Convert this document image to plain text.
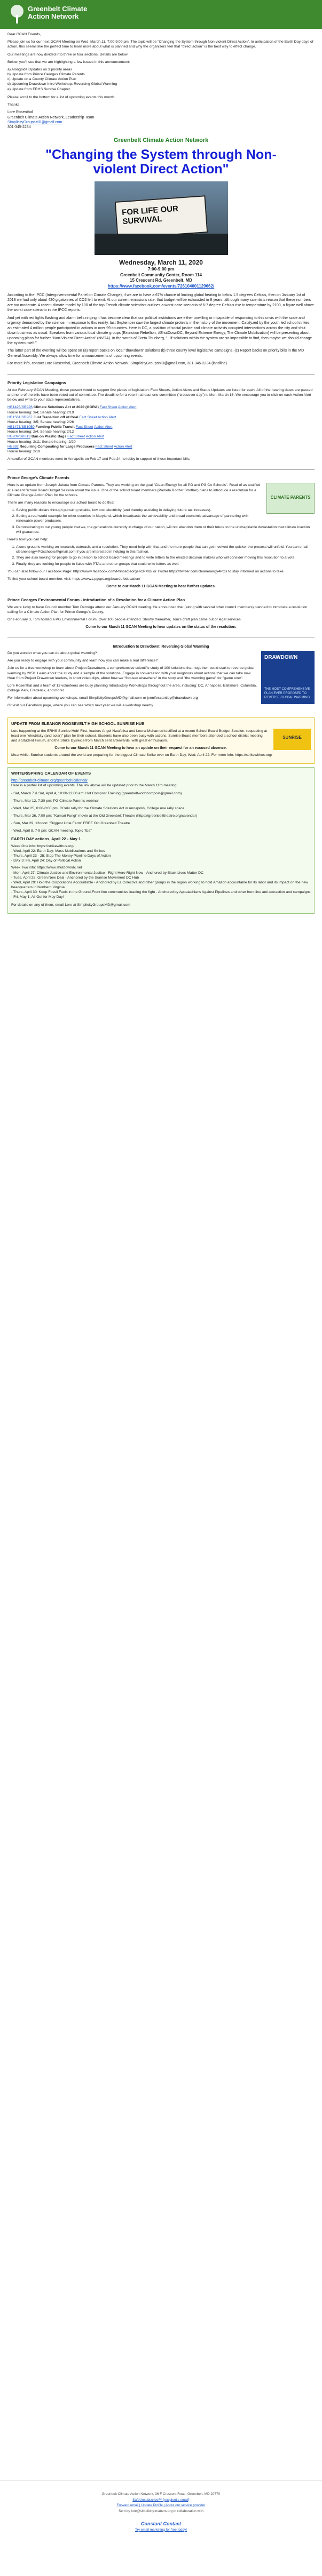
Greenbelt Climate Action Network

Dear GCAN Friends,

Please join us for our next GCAN Meeting on Wed, March 11, 7:00-9:00 pm. The topic will be "Changing the System through Non-violent Direct Action". In anticipation of the Earth Day days of action, this seems like the perfect time to learn more about what is planned and why the organizers feel that "direct action" is the best way to effect change.

Our meetings are now divided into three or four sections. Details are below.

Below, you'll see that we are highlighting a few issues in this announcement:

a) Alongside Updates on 3 priority areas
b) Update from Prince Georges Climate Parents
c) Update on a County Climate Action Plan
d) Upcoming Drawdown Intro Workshop: Reversing Global Warming
e) Update from ERHS Sunrise Chapter

Please scroll to the bottom for a list of upcoming events this month.

Thanks,

Lore Rosenthal
Greenbelt Climate Action Network, Leadership Team
SimplicityGroupsMD@gmail.com
301-345-2234
Greenbelt Climate Action Network
"Changing the System through Non-violent Direct Action"
FOR LIFE OUR SURVIVAL
Wednesday, March 11, 2020
7:00-9:00 pm
Greenbelt Community Center, Room 114
15 Crescent Rd, Greenbelt, MD
https://www.facebook.com/events/726104001129662/

According to the IPCC (Intergovernmental Panel on Climate Change), if we are to have a 67% chance of limiting global heating to below 1.5 degrees Celsius, then on January 1st of 2018 we had only about 420 gigatonnes of CO2 left to emit. At our current emissions rate, that budget will be exhausted in 8 years, although many scientists reason that these numbers are too moderate. A recent climate model by 100 of the top French climate scientists outlines a worst case scenario of 6-7 degree Celsius rise in temperature by 2100, a figure well above the worst case scenario in the IPCC reports.

And yet with red lights flashing and alarm bells ringing it has become clear that our political institutions are either unwilling or incapable of responding to this crisis with the scale and urgency demanded by the science. In response to this reality, last September saw the largest climate protests in the history of the movement. Catalyzed by the youth led school strikes, an estimated 4 million people participated in actions in over 99 countries. Here in DC, a coalition of social justice and climate activists occupied intersections across the city and shut down business as usual. Speakers from various local climate groups (Extinction Rebellion, #ShutDownDC, Beyond Extreme Energy, The Climate Mobilization) will be presenting about upcoming plans for further "Non-Violent Direct Action" (NVDA). In the words of Greta Thunberg, "...if solutions within the system are so impossible to find, then maybe we should change the system itself."

The latter part of the evening will be spent on (a) report-backs on local "drawdown" solutions (b) three county level legislative campaigns, (c) Report backs on priority bills in the MD General Assembly. We always allow time for announcements of upcoming events.

For more info, contact Lore Rosenthal, Greenbelt Climate Action Network, SimplicityGroupsMD@gmail.com, 301-345-2234 (landline)

Priority Legislative Campaigns

At our February GCAN Meeting, those present voted to support five pieces of legislation: Fact Sheets, Action Alerts and Status Updates are listed for each. All of the hearing dates are passed and none of the bills have been voted out of committee. The deadline for a vote in at least one committee ("crossover day") is Mon, March 16. We encourage you to click on each Action Alert below and write to your state representatives.

HB1425/SB926 Climate Solutions Act of 2020 (GGRA) Fact Sheet Action Alert
House hearing: 3/4; Senate hearing: 2/19
HB1561/SB967 Just Transition off of Coal Fact Sheet Action Alert
House hearing: 3/5; Senate hearing: 2/26
HB1471/SB1050 Funding Public Transit Fact Sheet Action Alert
House hearing: 2/4; Senate hearing: 2/12
HB209/SB313 Ban on Plastic Bags Fact Sheet Action Alert
House hearing: 2/11; Senate hearing: 2/20
HB592 Requiring Composting for Large Producers Fact Sheet Action Alert
House hearing: 2/19

A handful of GCAN members went to Annapolis on Feb 17 and Feb 24, to lobby in support of these important bills.

Prince George's Climate Parents
CLIMATE PARENTS

Here is an update from Joseph Jakuta from Climate Parents. They are working on the goal "Clean Energy for all PG and PG Co Schools". Read of as testified at a recent School Board Budget Session about the issue. One of the school board members (Pamela Boozer Strother) plans to introduce a resolution for a Climate Change Action Plan for the schools.

There are many reasons to encourage our school board to do this:

1. Saving public dollars through pursuing reliable, low cost electricity (and thereby assisting in delaying future tax increases).
2. Setting a real world example for other counties in Maryland, which broadcasts the achievability and broad economic advantage of partnering with renewable power producers.
3. Demonstrating to our young people that we, the generations currently in charge of our nation, will not abandon them or their future to the unimaginable devastation that climate inaction will guarantee.

Here's how you can help:

1. A core group is working on research, outreach, and a resolution. They need help with that and the more people that can get involved the quicker the process will unfold. You can email cleanenergy4PGschools@gmail.com if you are interested in helping in this fashion.
2. They are also looking for people to go in person to school board meetings and to write letters to the elected decision makers who will consider moving this resolution to a vote.
3. Finally, they are looking for people to liaise with PTAs and other groups that could write letters as well.

You can also follow our Facebook Page: https://www.facebook.com/PrinceGeorgesCPMD/ or Twitter https://twitter.com/cleanenergy4PGs to stay informed on actions to take.

To find your school board member, visit: https://www1.pgcps.org/boardofeducation/

Come to our March 11 GCAN Meeting to hear further updates.
Prince Georges Environmental Forum - Introduction of a Resolution for a Climate Action Plan

We were lucky to have Council member Tom Dernoga attend our January GCAN meeting. He announced that (along with several other council members) planned to introduce a resolution calling for a Climate Action Plan for Prince George's County.

On February 3, Tom hosted a PG Environmental Forum. Over 100 people attended. Shortly thereafter, Tom's draft plan came out of legal services.

Come to our March 11 GCAN Meeting to hear updates on the status of the resolution.
Introduction to Drawdown: Reversing Global Warming
DRAWDOWN
THE MOST COMPREHENSIVE PLAN EVER PROPOSED TO REVERSE GLOBAL WARMING

Do you wonder what you can do about global warming?

Are you ready to engage with your community and learn how you can make a real difference?

Join us for a free workshop to learn about Project Drawdown, a comprehensive scientific study of 100 solutions that, together, could start to reverse global warming by 2050. Learn about the study and a sample of the solutions. Engage in conversation with your neighbors about actions that we can take now. Hear from Project Drawdown leaders, in short video clips, about how we "focused elsewhere" in the story and "the warming game" for "game over".

Lore Rosenthal and a team of 13 volunteers are busy planning Introductory Workshops throughout the area, including: DC, Annapolis, Baltimore, Columbia, College Park, Frederick, and more!

For information about upcoming workshops, email SimplicityGroupsMD@gmail.com or jennifer.cantley@drawdown.org

Or visit our Facebook page, where you can see which next year we will a workshop nearby.

UPDATE FROM ELEANOR ROOSEVELT HIGH SCHOOL SUNRISE HUB
SUNRISE

Lots happening at the ERHS Sunrise Hub! First, leaders Angel Nwafolisa and Leena Mohamed testified at a recent School Board Budget Session, requesting at least one "electricity (and solar)" plan for their school. Students have also been busy with actions. Sunrise Board members attended a school district meeting, and a Student Forum, and the Strike Dyslexia from March sent afterwards, with great enthusiasm.

Come to our March 11 GCAN Meeting to hear an update on their request for an excused absence.

Meanwhile, Sunrise students around the world are preparing for the biggest Climate Strike ever on Earth Day, Wed, April 22. For more info: https://strikewithus.org/

WINTER/SPRING CALENDAR OF EVENTS
http://greenbelt-climate.org/greenbelt/calendar

Here is a partial list of upcoming events. The link above will be updated prior to the March 11th meeting.

- Sat, March 7 & Sat, April 4, 10:00-12:00 am: Hot Compost Training (greenbeltworldcompost@gmail.com)

- Thurs, Mar 12, 7:30 pm: PG Climate Parents webinar

- Wed, Mar 25, 6:00-8:00 pm: CCAN rally for the Climate Solutions Act in Annapolis, College Ave rally space

- Thurs, Mar 26, 7:00 pm: "Kumari Fungi" movie at the Old Greenbelt Theatre (https://greenbelttheatre.org/calendar)

- Sun, Mar 29, 12noon: "Biggest Little Farm" FREE Old Greenbelt Theatre

- Wed, April 8, 7-9 pm: GCAN meeting. Topic "tba"

EARTH DAY actions, April 22 - May 1
Week One info: https://strikewithus.org/
- Wed, April 22: Earth Day: Mass Mobilizations and Strikes
- Thurs, April 23 - 25: Stop The Money Pipeline Days of Action
- DAY 3: Fri, April 24: Day of Political Action
Week Two info: https://www.shutdowndc.net
- Mon, April 27: Climate Justice and Environmental Justice - Right Here Right Now - Anchored by Black Lives Matter DC
- Tues, April 28: Green New Deal - Anchored by the Sunrise Movement DC Hub
- Wed, April 29: Hold the Corporations Accountable - Anchored by La Colectiva and other groups in the region working to hold Amazon accountable for its labor and its impact on the new headquarters in Northern Virginia
- Thurs, April 30: Keep Fossil Fuels in the Ground-Front line communities leading the fight - Anchored by Appalachians Against Pipelines and other front-line anti-extraction and campaigns
- Fri, May 1: All Out for May Day!

For details on any of them, email Lore at SimplicityGroupsMD@gmail.com

Greenbelt Climate Action Network, 36 F Crescent Road, Greenbelt, MD 20770

SafeUnsubscribe™ {recipient's email}

Forward email | Update Profile | About our service provider

Sent by lore@simplicity-matters.org in collaboration with

Constant Contact

Try email marketing for free today!
